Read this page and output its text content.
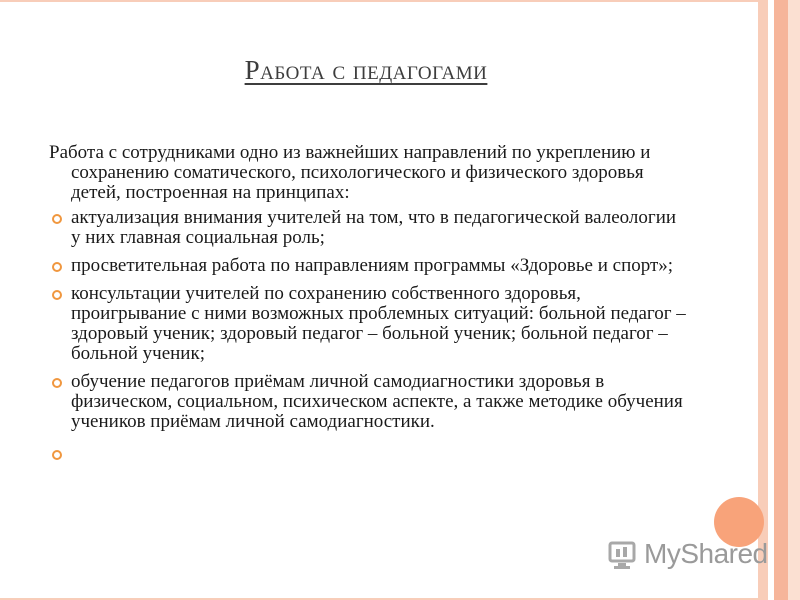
Работа с педагогами

Работа с сотрудниками одно из важнейших направлений по укреплению и сохранению соматического, психологического и физического здоровья детей, построенная на принципах:

актуализация внимания учителей на том, что в педагогической валеологии у них главная социальная роль;
просветительная работа по направлениям программы «Здоровье и спорт»;
консультации учителей по сохранению собственного здоровья, проигрывание с ними возможных проблемных ситуаций: больной педагог – здоровый ученик; здоровый педагог – больной ученик; больной педагог – больной ученик;
обучение педагогов приёмам личной самодиагностики здоровья в физическом, социальном, психическом аспекте, а также методике обучения учеников приёмам личной самодиагностики.
MyShared
